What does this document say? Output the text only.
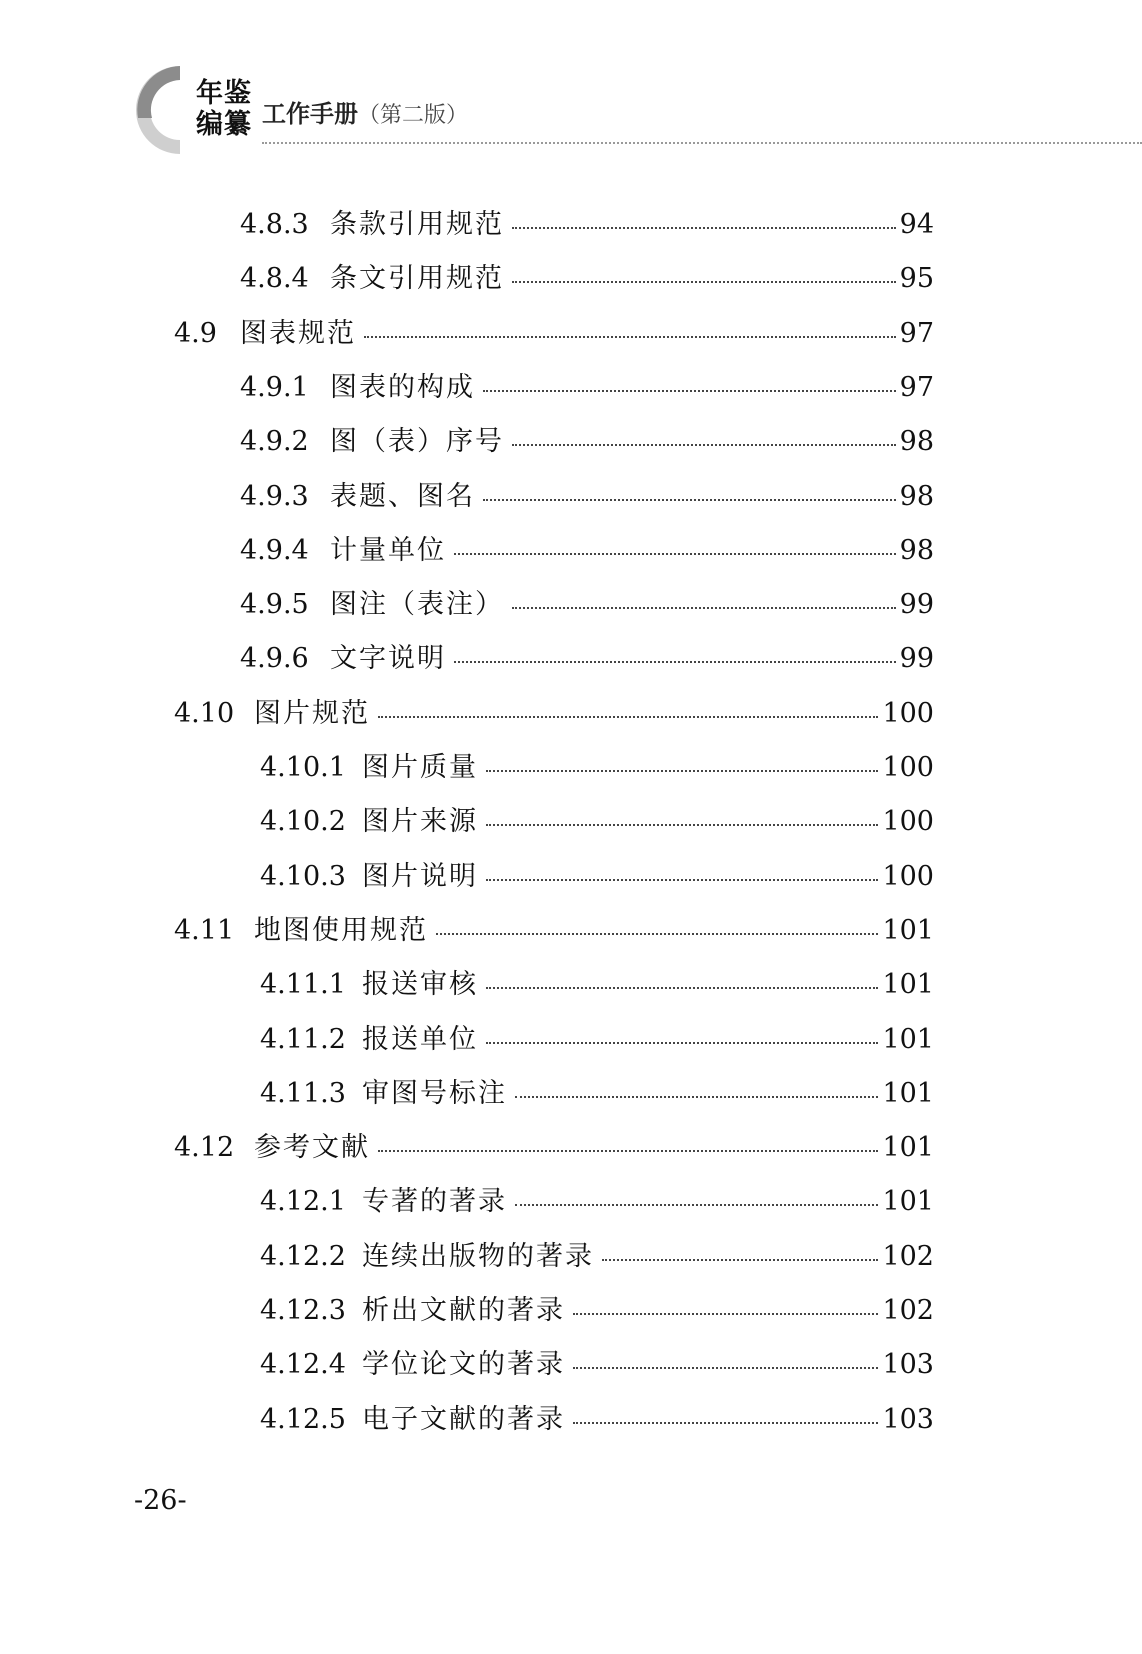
年鉴
编纂 工作手册（第二版）
4.8.3 条款引用规范	94
4.8.4 条文引用规范	95
4.9 图表规范	97
4.9.1 图表的构成	97
4.9.2 图（表）序号	98
4.9.3 表题、图名	98
4.9.4 计量单位	98
4.9.5 图注（表注）	99
4.9.6 文字说明	99
4.10 图片规范	100
4.10.1 图片质量	100
4.10.2 图片来源	100
4.10.3 图片说明	100
4.11 地图使用规范	101
4.11.1 报送审核	101
4.11.2 报送单位	101
4.11.3 审图号标注	101
4.12 参考文献	101
4.12.1 专著的著录	101
4.12.2 连续出版物的著录	102
4.12.3 析出文献的著录	102
4.12.4 学位论文的著录	103
4.12.5 电子文献的著录	103
-26-
